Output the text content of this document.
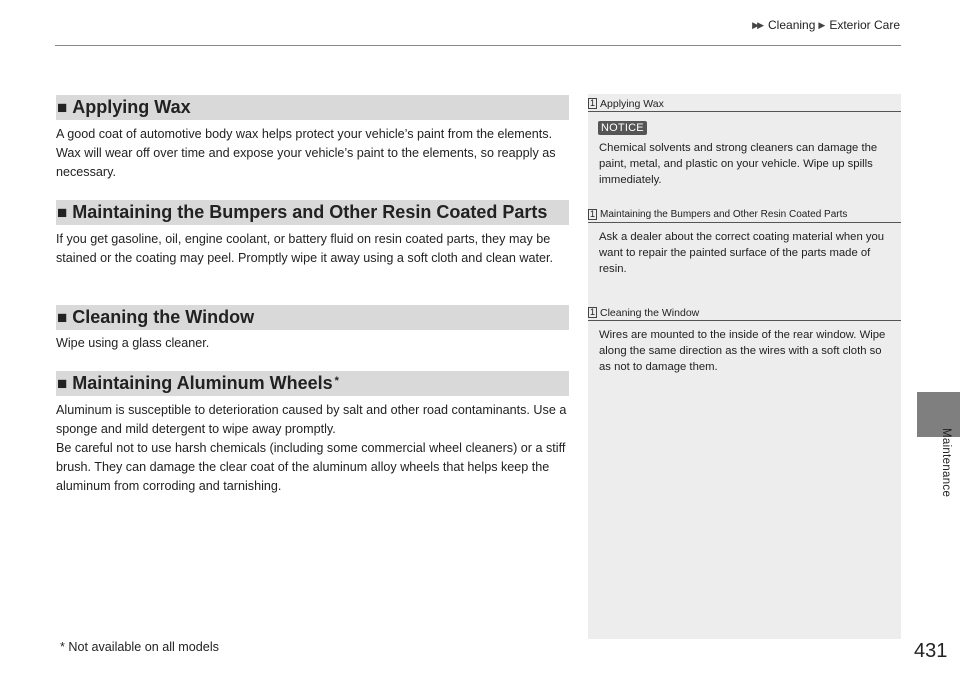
▶▶ Cleaning ▶ Exterior Care
Maintenance
■ Applying Wax

A good coat of automotive body wax helps protect your vehicle’s paint from the elements. Wax will wear off over time and expose your vehicle’s paint to the elements, so reapply as necessary.

■ Maintaining the Bumpers and Other Resin Coated Parts

If you get gasoline, oil, engine coolant, or battery fluid on resin coated parts, they may be stained or the coating may peel. Promptly wipe it away using a soft cloth and clean water.

■ Cleaning the Window

Wipe using a glass cleaner.

■ Maintaining Aluminum Wheels*

Aluminum is susceptible to deterioration caused by salt and other road contaminants. Use a sponge and mild detergent to wipe away promptly.

Be careful not to use harsh chemicals (including some commercial wheel cleaners) or a stiff brush. They can damage the clear coat of the aluminum alloy wheels that helps keep the aluminum from corroding and tarnishing.

1 Applying Wax
NOTICE
Chemical solvents and strong cleaners can damage the paint, metal, and plastic on your vehicle. Wipe up spills immediately.
1 Maintaining the Bumpers and Other Resin Coated Parts
Ask a dealer about the correct coating material when you want to repair the painted surface of the parts made of resin.
1 Cleaning the Window
Wires are mounted to the inside of the rear window. Wipe along the same direction as the wires with a soft cloth so as not to damage them.
* Not available on all models	431
